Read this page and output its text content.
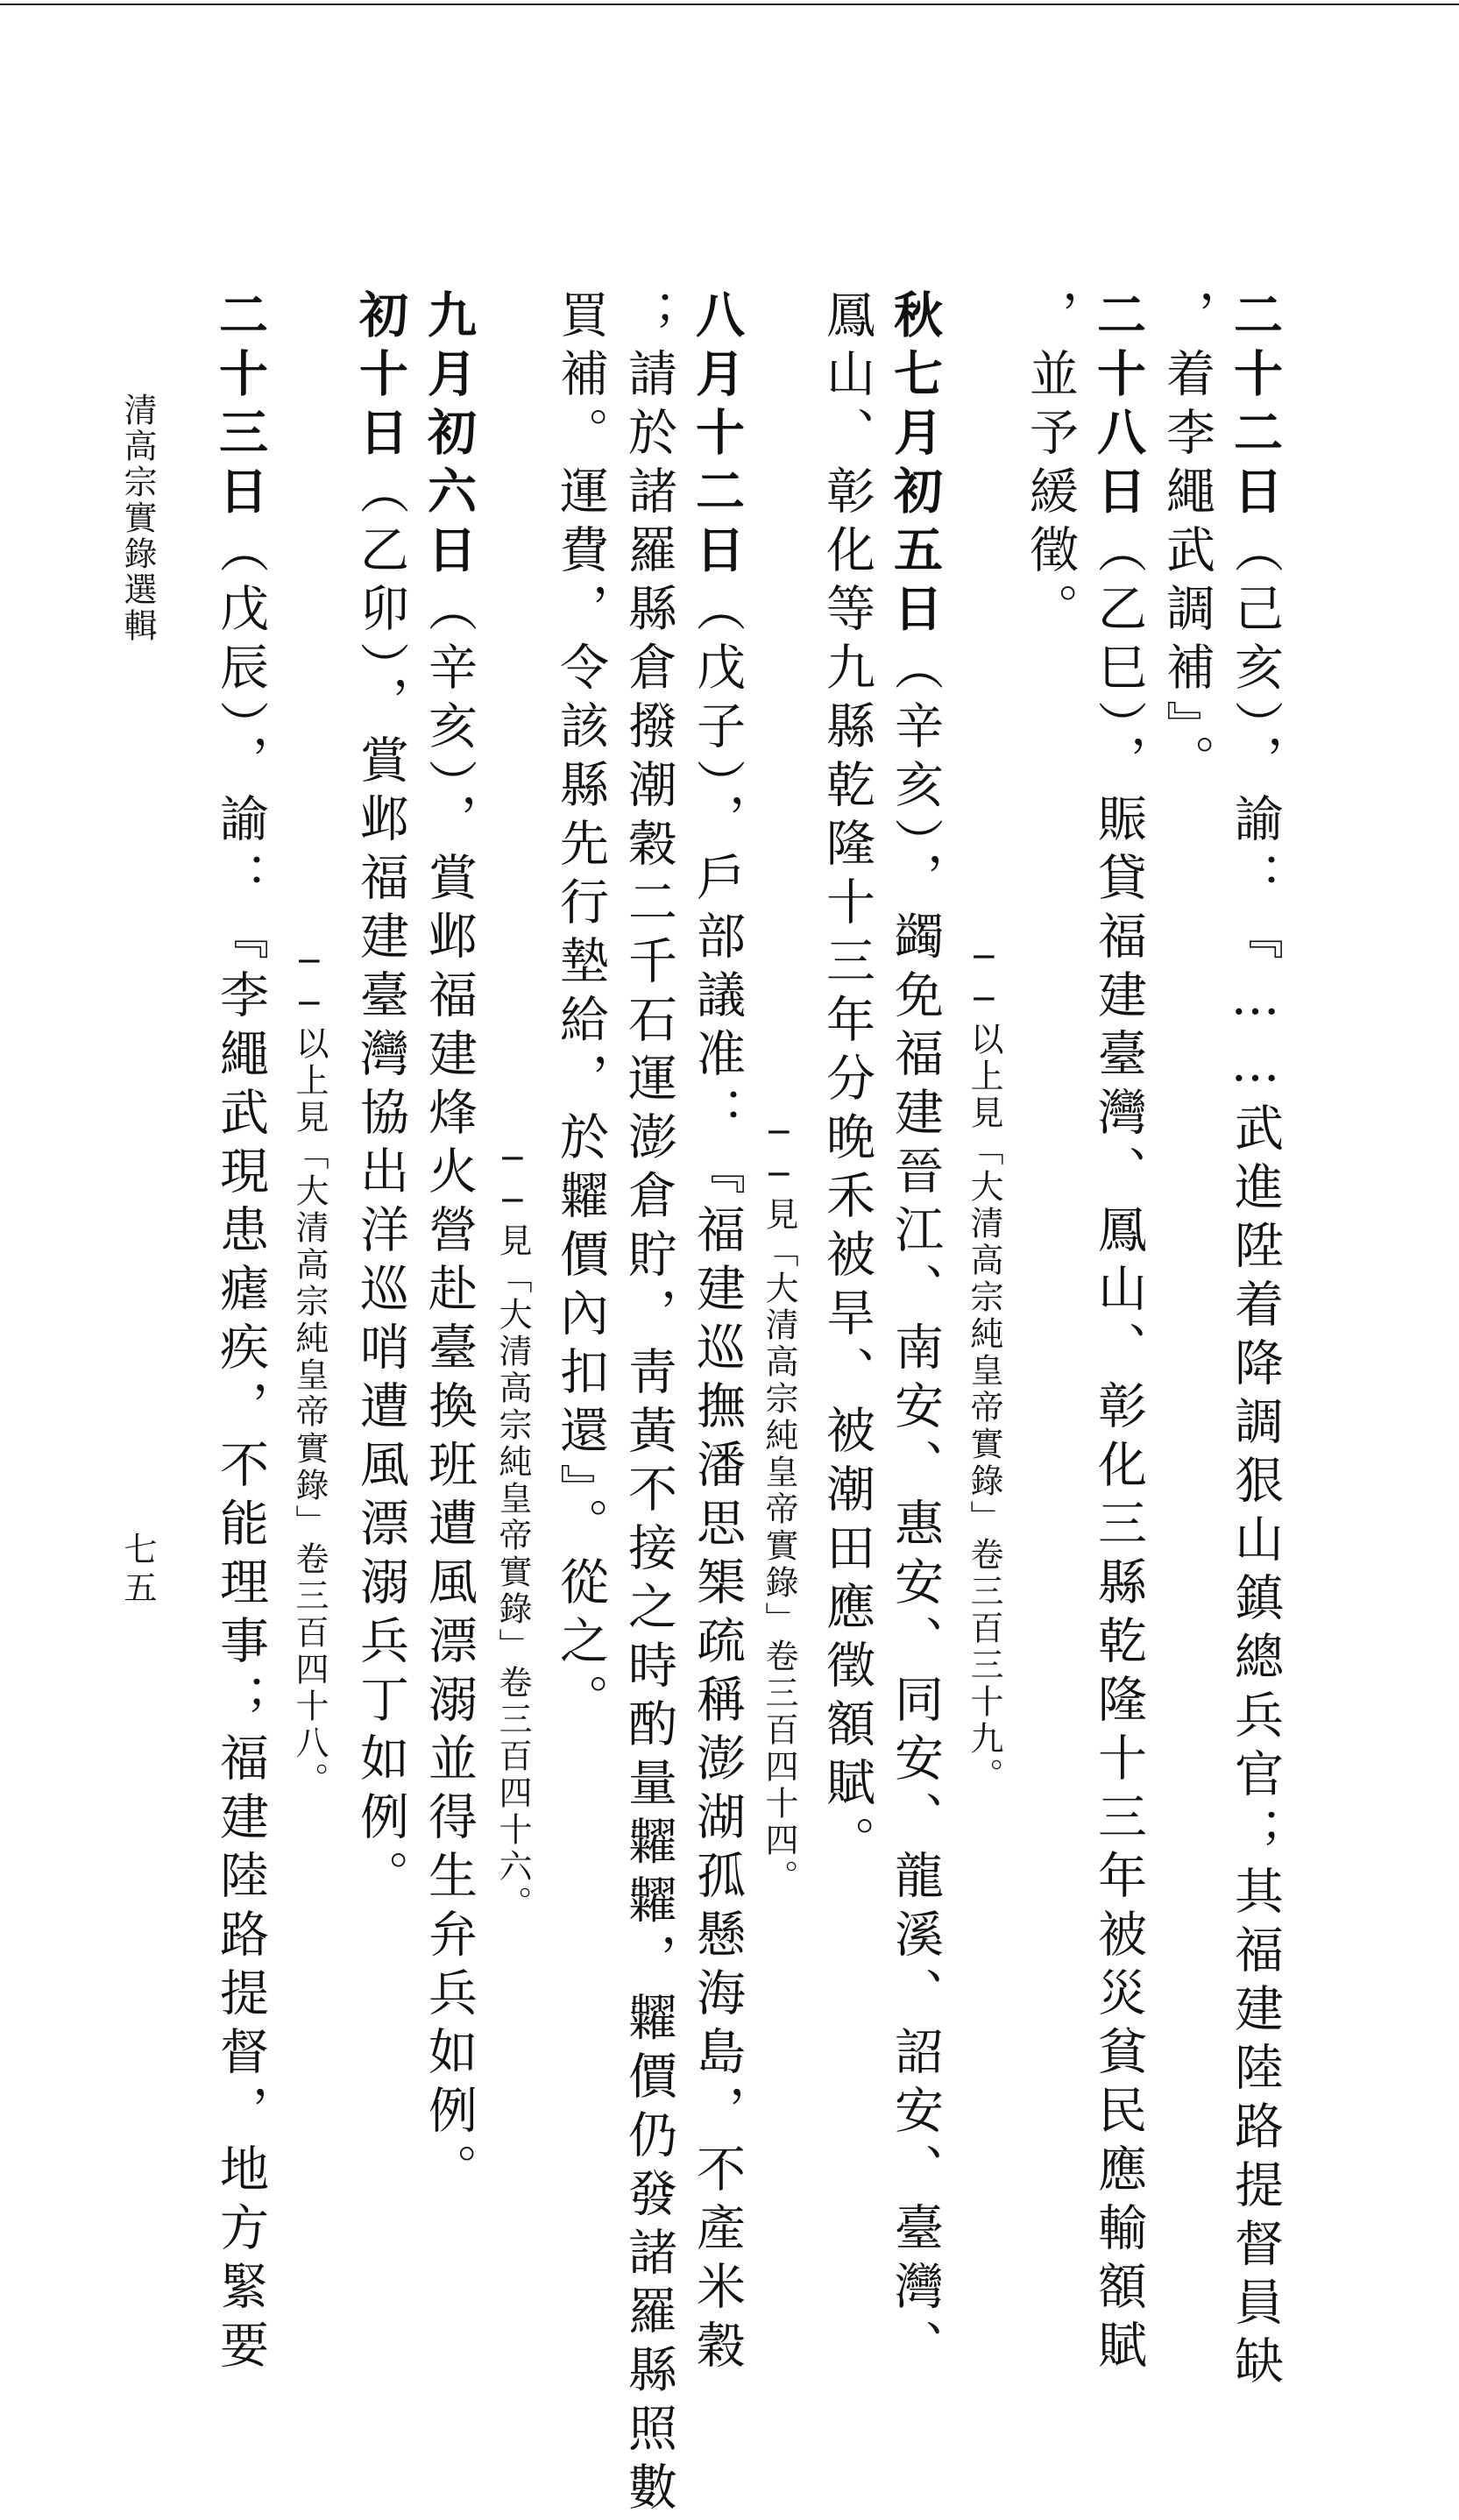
二十二日（己亥），諭：『……武進陞着降調狠山鎮總兵官；其福建陸路提督員缺
，着李繩武調補』。
二十八日（乙巳），賑貸福建臺灣、鳳山、彰化三縣乾隆十三年被災貧民應輸額賦
，並予緩徵。
──以上見「大清高宗純皇帝實錄」卷三百三十九。
秋七月初五日（辛亥），蠲免福建晉江、南安、惠安、同安、龍溪、詔安、臺灣、
鳳山、彰化等九縣乾隆十三年分晚禾被旱、被潮田應徵額賦。
──見「大清高宗純皇帝實錄」卷三百四十四。
八月十二日（戊子），戶部議准：『福建巡撫潘思榘疏稱澎湖孤懸海島，不產米穀
；請於諸羅縣倉撥潮穀二千石運澎倉貯，靑黃不接之時酌量糶糶，糶價仍發諸羅縣照數
買補。運費，令該縣先行墊給，於糶價內扣還』。從之。
──見「大清高宗純皇帝實錄」卷三百四十六。
九月初六日（辛亥），賞邺福建烽火營赴臺換班遭風漂溺並得生弁兵如例。
初十日（乙卯），賞邺福建臺灣協出洋巡哨遭風漂溺兵丁如例。
──以上見「大清高宗純皇帝實錄」卷三百四十八。
二十三日（戊辰），諭：『李繩武現患瘧疾，不能理事；福建陸路提督，地方緊要
清高宗實錄選輯
七五
